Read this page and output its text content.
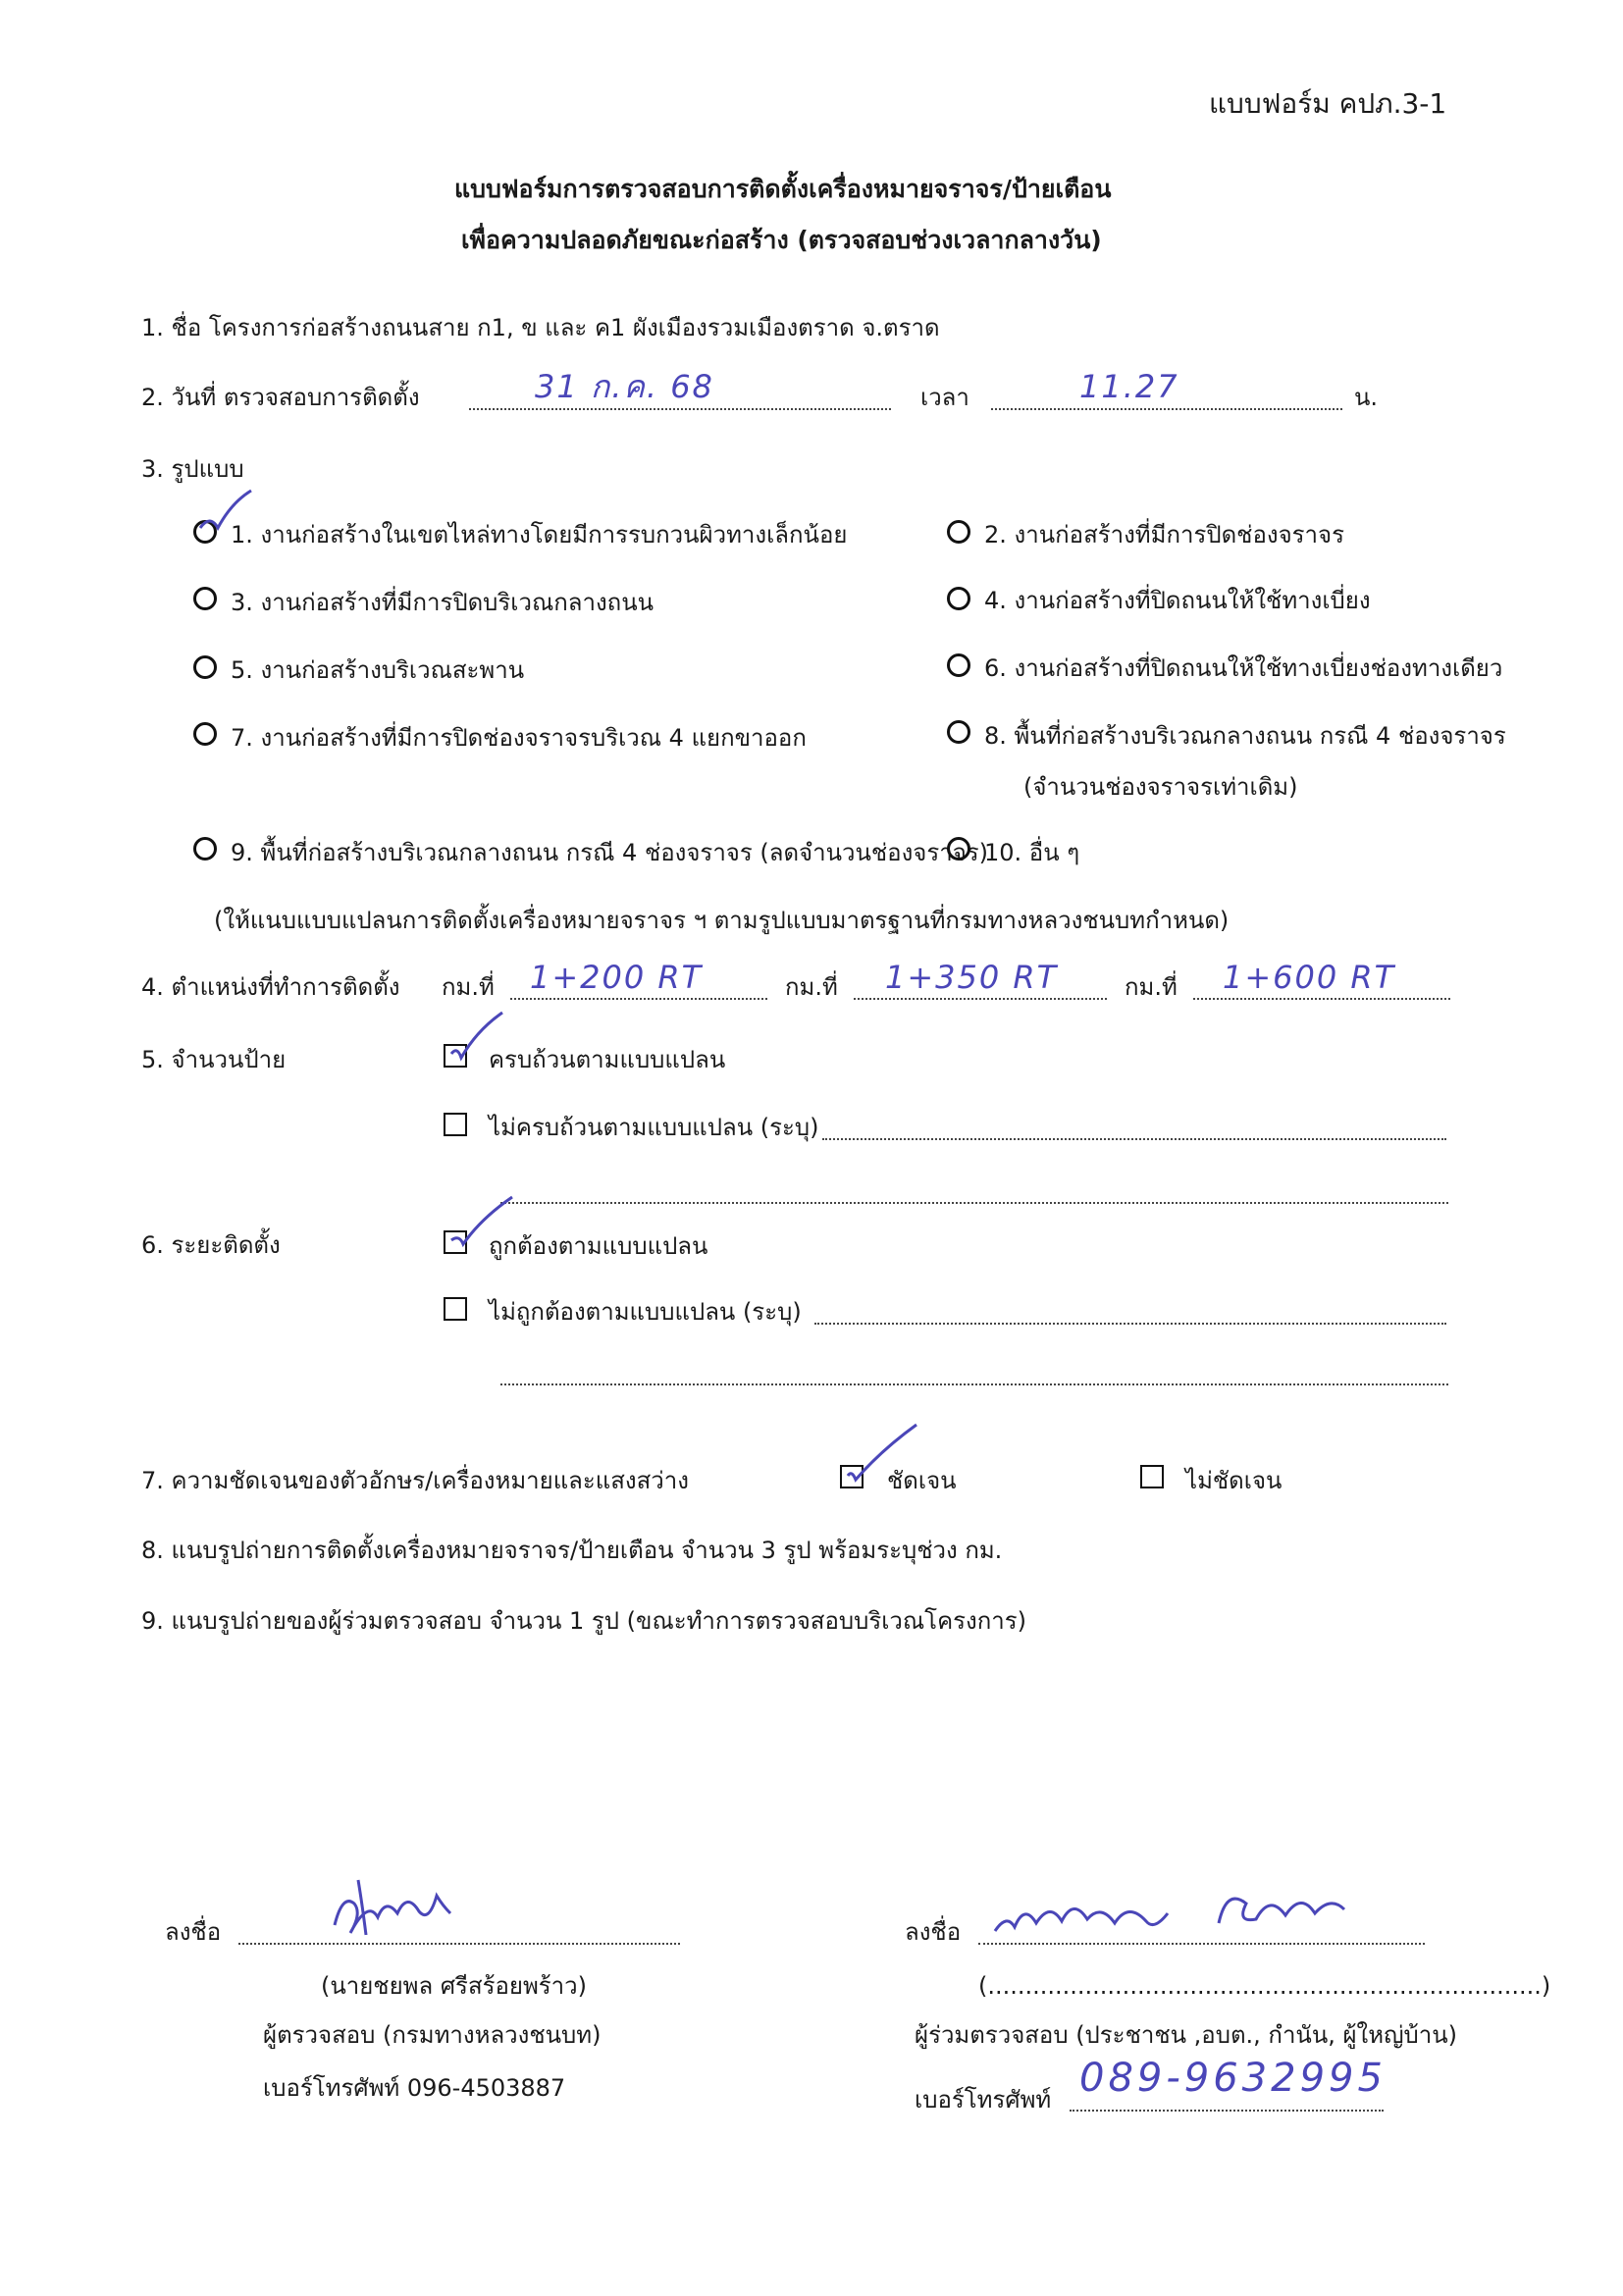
แบบฟอร์ม คปภ.3-1
แบบฟอร์มการตรวจสอบการติดตั้งเครื่องหมายจราจร/ป้ายเตือน
เพื่อความปลอดภัยขณะก่อสร้าง (ตรวจสอบช่วงเวลากลางวัน)
1. ชื่อ โครงการก่อสร้างถนนสาย ก1, ข และ ค1 ผังเมืองรวมเมืองตราด จ.ตราด
2. วันที่ ตรวจสอบการติดตั้ง	31 ก.ค. 68	เวลา	11.27	น.
3. รูปแบบ
1. งานก่อสร้างในเขตไหล่ทางโดยมีการรบกวนผิวทางเล็กน้อย	2. งานก่อสร้างที่มีการปิดช่องจราจร
3. งานก่อสร้างที่มีการปิดบริเวณกลางถนน	4. งานก่อสร้างที่ปิดถนนให้ใช้ทางเบี่ยง
5. งานก่อสร้างบริเวณสะพาน	6. งานก่อสร้างที่ปิดถนนให้ใช้ทางเบี่ยงช่องทางเดียว
7. งานก่อสร้างที่มีการปิดช่องจราจรบริเวณ 4 แยกขาออก	8. พื้นที่ก่อสร้างบริเวณกลางถนน กรณี 4 ช่องจราจร
(จำนวนช่องจราจรเท่าเดิม)
9. พื้นที่ก่อสร้างบริเวณกลางถนน กรณี 4 ช่องจราจร (ลดจำนวนช่องจราจร)
10. อื่น ๆ
(ให้แนบแบบแปลนการติดตั้งเครื่องหมายจราจร ฯ ตามรูปแบบมาตรฐานที่กรมทางหลวงชนบทกำหนด)
4. ตำแหน่งที่ทำการติดตั้ง กม.ที่ 1+200 RT	กม.ที่ 1+350 RT	กม.ที่ 1+600 RT
5. จำนวนป้าย	ครบถ้วนตามแบบแปลน
ไม่ครบถ้วนตามแบบแปลน (ระบุ)
6. ระยะติดตั้ง	ถูกต้องตามแบบแปลน
ไม่ถูกต้องตามแบบแปลน (ระบุ)
7. ความชัดเจนของตัวอักษร/เครื่องหมายและแสงสว่าง	ชัดเจน	ไม่ชัดเจน
8. แนบรูปถ่ายการติดตั้งเครื่องหมายจราจร/ป้ายเตือน จำนวน 3 รูป พร้อมระบุช่วง กม.
9. แนบรูปถ่ายของผู้ร่วมตรวจสอบ จำนวน 1 รูป (ขณะทำการตรวจสอบบริเวณโครงการ)
ลงชื่อ
(นายชยพล ศรีสร้อยพร้าว)
ผู้ตรวจสอบ (กรมทางหลวงชนบท)
เบอร์โทรศัพท์ 096-4503887
ลงชื่อ
(..........................................................................)
ผู้ร่วมตรวจสอบ (ประชาชน ,อบต., กำนัน, ผู้ใหญ่บ้าน)
เบอร์โทรศัพท์ 089-9632995
